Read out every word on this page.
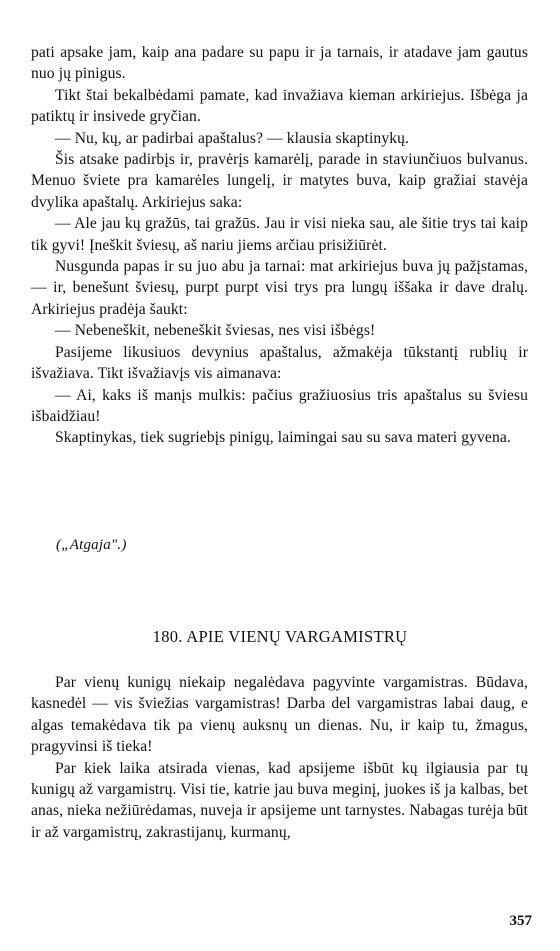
pati apsake jam, kaip ana padare su papu ir ja tarnais, ir atadave jam gautus nuo jų pinigus.

Tikt štai bekalbėdami pamate, kad invažiava kieman arkiriejus. Išbėga ja patiktų ir insivede gryčian.

— Nu, kų, ar padirbai apaštalus? — klausia skaptinykų.

Šis atsake padirbįs ir, pravėrįs kamarėlį, parade in staviunčiuos bulvanus. Menuo šviete pra kamarėles lungelį, ir matytes buva, kaip gražiai stavėja dvylika apaštalų. Arkiriejus saka:

— Ale jau kų gražūs, tai gražūs. Jau ir visi nieka sau, ale šitie trys tai kaip tik gyvi! Įneškit šviesų, aš nariu jiems arčiau prisižiūrėt.

Nusgunda papas ir su juo abu ja tarnai: mat arkiriejus buva jų pažįstamas,— ir, benešunt šviesų, purpt purpt visi trys pra lungų iššaka ir dave dralų. Arkiriejus pradėja šaukt:

— Nebeneškit, nebeneškit šviesas, nes visi išbėgs!

Pasijeme likusiuos devynius apaštalus, ažmakėja tūkstantį rublių ir išvažiava. Tikt išvažiavįs vis aimanava:

— Ai, kaks iš manįs mulkis: pačius gražiuosius tris apaštalus su šviesu išbaidžiau!

Skaptinykas, tiek sugriebįs pinigų, laimingai sau su sava materi gyvena.

(„Atgaja".)
180. APIE VIENŲ VARGAMISTRŲ

Par vienų kunigų niekaip negalėdava pagyvinte vargamistras. Būdava, kasnedėl — vis šviežias vargamistras! Darba del vargamistras labai daug, e algas temakėdava tik pa vienų auksnų un dienas. Nu, ir kaip tu, žmagus, pragyvinsi iš tieka!

Par kiek laika atsirada vienas, kad apsijeme išbūt kų ilgiausia par tų kunigų až vargamistrų. Visi tie, katrie jau buva meginį, juokes iš ja kalbas, bet anas, nieka nežiūrėdamas, nuveja ir apsijeme unt tarnystes. Nabagas turėja būt ir až vargamistrų, zakrastijanų, kurmanų,

357
